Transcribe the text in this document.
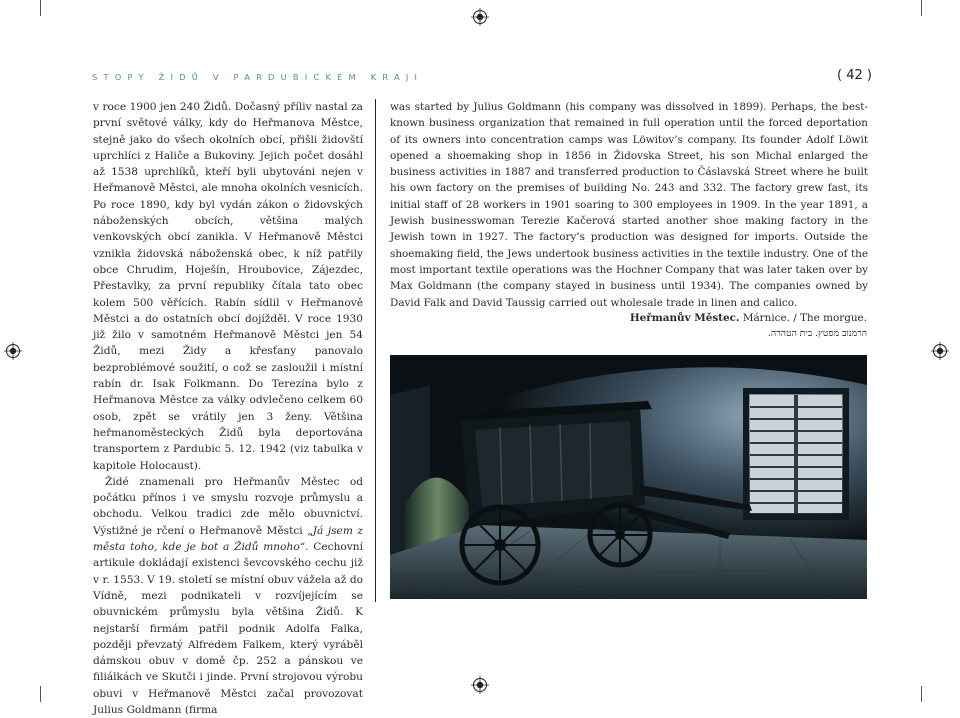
STOPY ŽIDŮ V PARDUBICKÉM KRAJI	( 42 )

v roce 1900 jen 240 Židů. Dočasný příliv nastal za první světové války, kdy do Heřmanova Městce, stejně jako do všech okolních obcí, přišli židovští uprchlíci z Haliče a Bukoviny. Jejich počet dosáhl až 1538 uprchlíků, kteří byli ubytováni nejen v Heřmanově Městci, ale mnoha okolních vesnicích. Po roce 1890, kdy byl vydán zákon o židovských náboženských obcích, většina malých venkovských obcí zanikla. V Heřmanově Městci vznikla židovská náboženská obec, k níž patřily obce Chrudim, Hoješín, Hroubovice, Zájezdec, Přestavlky, za první republiky čítala tato obec kolem 500 věřících. Rabín sídlil v Heřmanově Městci a do ostatních obcí dojížděl. V roce 1930 již žilo v samotném Heřmanově Městci jen 54 Židů, mezi Židy a křesťany panovalo bezproblémové soužití, o což se zasloužil i místní rabín dr. Isak Folkmann. Do Terezína bylo z Heřmanova Městce za války odvlečeno celkem 60 osob, zpět se vrátily jen 3 ženy. Většina heřmanoměsteckých Židů byla deportována transportem z Pardubic 5. 12. 1942 (viz tabulka v kapitole Holocaust).

Židé znamenali pro Heřmanův Městec od počátku přínos i ve smyslu rozvoje průmyslu a obchodu. Velkou tradici zde mělo obuvnictví. Výstižné je rčení o Heřmanově Městci „Já jsem z města toho, kde je bot a Židů mnoho“. Cechovní artikule dokládají existenci ševcovského cechu již v r. 1553. V 19. století se místní obuv vážela až do Vídně, mezi podnikateli v rozvíjejícím se obuvnickém průmyslu byla většina Židů. K nejstarší firmám patřil podnik Adolfa Falka, později převzatý Alfredem Falkem, který vyráběl dámskou obuv v domě čp. 252 a pánskou ve filiálkách ve Skutči i jinde. První strojovou výrobu obuvi v Heřmanově Městci začal provozovat Julius Goldmann (firma

was started by Julius Goldmann (his company was dissolved in 1899). Perhaps, the best-known business organization that remained in full operation until the forced deportation of its owners into concentration camps was Löwitov’s company. Its founder Adolf Löwit opened a shoemaking shop in 1856 in Židovska Street, his son Michal enlarged the business activities in 1887 and transferred production to Čáslavská Street where he built his own factory on the premises of building No. 243 and 332. The factory grew fast, its initial staff of 28 workers in 1901 soaring to 300 employees in 1909. In the year 1891, a Jewish businesswoman Terezie Kačerová started another shoe making factory in the Jewish town in 1927. The factory’s production was designed for imports. Outside the shoemaking field, the Jews undertook business activities in the textile industry. One of the most important textile operations was the Hochner Company that was later taken over by Max Goldmann (the company stayed in business until 1934). The companies owned by David Falk and David Taussig carried out wholesale trade in linen and calico.

Heřmanův Městec. Márnice. / The morgue.
הרמנוב מסטץ. בית הטהרה.
